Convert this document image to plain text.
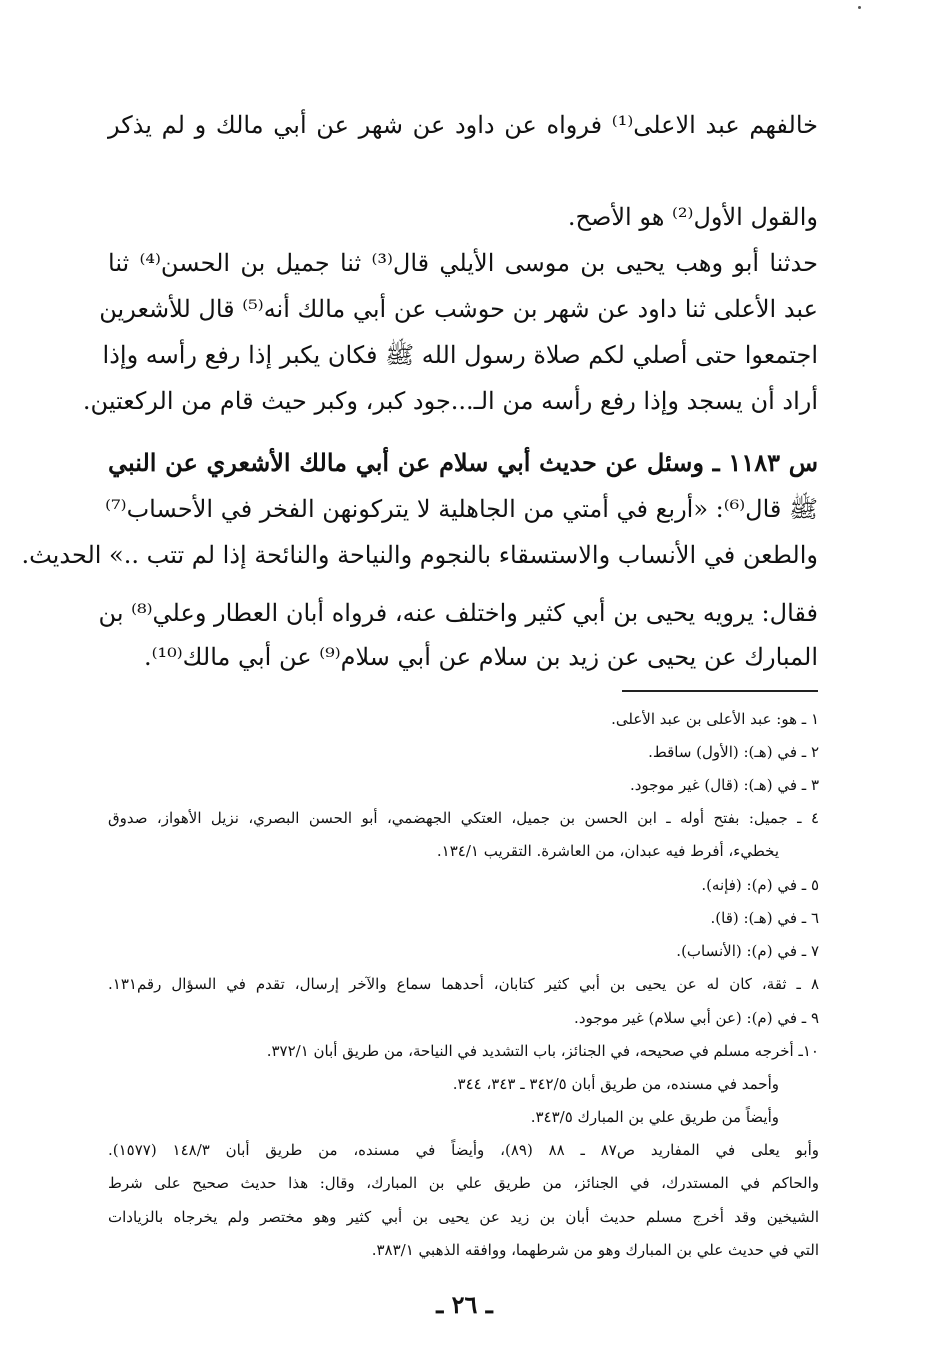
خالفهم عبد الاعلى⁽¹⁾ فرواه عن داود عن شهر عن أبي مالك و لم يذكر
والقول الأول⁽²⁾ هو الأصح.
حدثنا أبو وهب يحيى بن موسى الأيلي قال⁽³⁾ ثنا جميل بن الحسن⁽⁴⁾ ثنا
عبد الأعلى ثنا داود عن شهر بن حوشب عن أبي مالك أنه⁽⁵⁾ قال للأشعرين
اجتمعوا حتى أصلي لكم صلاة رسول الله ﷺ فكان يكبر إذا رفع رأسه وإذا
أراد أن يسجد وإذا رفع رأسه من الـ...جود كبر، وكبر حيث قام من الركعتين.
س ١١٨٣ ـ وسئل عن حديث أبي سلام عن أبي مالك الأشعري عن النبي
ﷺ قال⁽⁶⁾: «أربع في أمتي من الجاهلية لا يتركونهن الفخر في الأحساب⁽⁷⁾
والطعن في الأنساب والاستسقاء بالنجوم والنياحة والنائحة إذا لم تتب ..» الحديث.
فقال: يرويه يحيى بن أبي كثير واختلف عنه، فرواه أبان العطار وعلي⁽⁸⁾ بن
المبارك عن يحيى عن زيد بن سلام عن أبي سلام⁽⁹⁾ عن أبي مالك⁽¹⁰⁾.
١ ـ هو: عبد الأعلى بن عبد الأعلى.
٢ ـ في (هـ): (الأول) ساقط.
٣ ـ في (هـ): (قال) غير موجود.
٤ ـ جميل: بفتح أوله ـ ابن الحسن بن جميل، العتكي الجهضمي، أبو الحسن البصري، نزيل الأهواز، صدوق
يخطيء، أفرط فيه عبدان، من العاشرة. التقريب ١٣٤/١.
٥ ـ في (م): (فإنه).
٦ ـ في (هـ): (قا).
٧ ـ في (م): (الأنساب).
٨ ـ ثقة، كان له عن يحيى بن أبي كثير كتابان، أحدهما سماع والآخر إرسال، تقدم في السؤال رقم١٣١.
٩ ـ في (م): (عن أبي سلام) غير موجود.
١٠ـ أخرجه مسلم في صحيحه، في الجنائز، باب التشديد في النياحة، من طريق أبان ٣٧٢/١.
وأحمد في مسنده، من طريق أبان ٣٤٢/٥ ـ ٣٤٣، ٣٤٤.
وأيضاً من طريق علي بن المبارك ٣٤٣/٥.
وأبو يعلى في المفاريد ص٨٧ ـ ٨٨ (٨٩)، وأيضاً في مسنده، من طريق أبان ١٤٨/٣ (١٥٧٧).
والحاكم في المستدرك، في الجنائز، من طريق علي بن المبارك، وقال: هذا حديث صحيح على شرط
الشيخين وقد أخرج مسلم حديث أبان بن زيد عن يحيى بن أبي كثير وهو مختصر ولم يخرجاه بالزيادات
التي في حديث علي بن المبارك وهو من شرطهما، ووافقه الذهبي ٣٨٣/١.
ـ ٢٦ ـ
